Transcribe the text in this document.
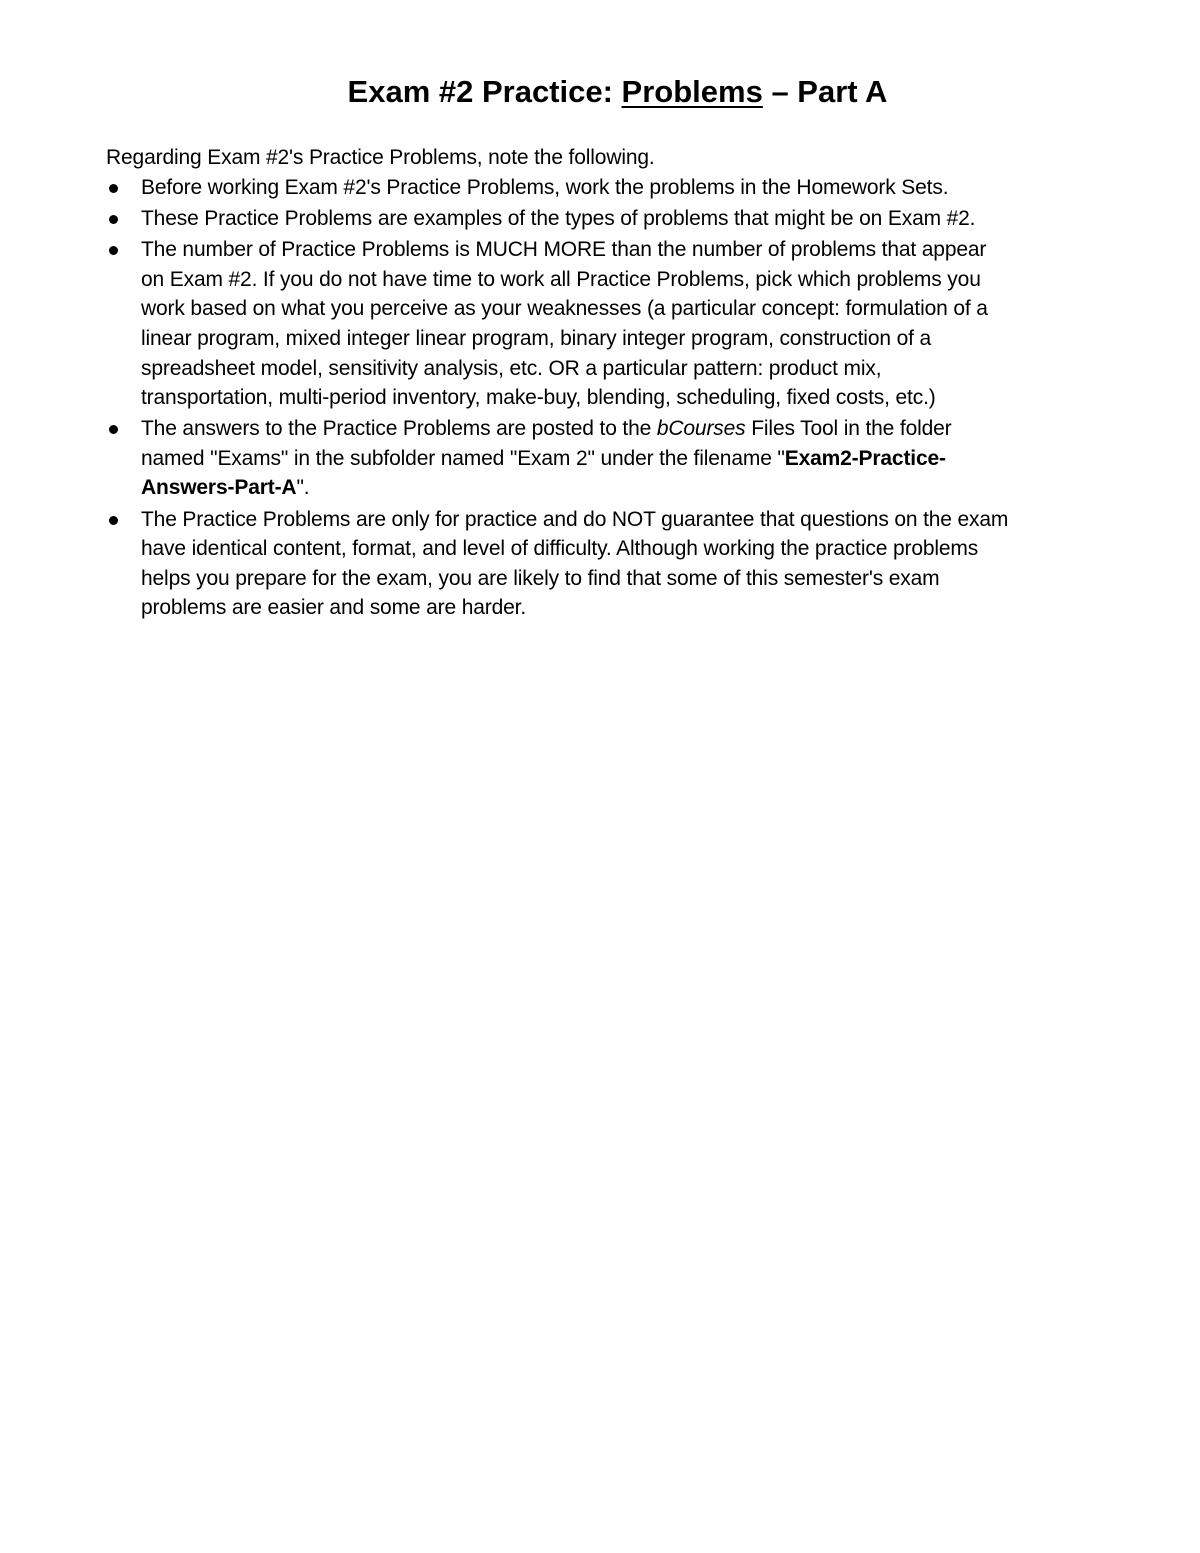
Exam #2 Practice: Problems – Part A
Regarding Exam #2's Practice Problems, note the following.
Before working Exam #2's Practice Problems, work the problems in the Homework Sets.
These Practice Problems are examples of the types of problems that might be on Exam #2.
The number of Practice Problems is MUCH MORE than the number of problems that appear
on Exam #2. If you do not have time to work all Practice Problems, pick which problems you
work based on what you perceive as your weaknesses (a particular concept: formulation of a
linear program, mixed integer linear program, binary integer program, construction of a
spreadsheet model, sensitivity analysis, etc. OR a particular pattern: product mix,
transportation, multi-period inventory, make-buy, blending, scheduling, fixed costs, etc.)
The answers to the Practice Problems are posted to the bCourses Files Tool in the folder
named "Exams" in the subfolder named "Exam 2" under the filename "Exam2-Practice-
Answers-Part-A".
The Practice Problems are only for practice and do NOT guarantee that questions on the exam
have identical content, format, and level of difficulty. Although working the practice problems
helps you prepare for the exam, you are likely to find that some of this semester's exam
problems are easier and some are harder.
